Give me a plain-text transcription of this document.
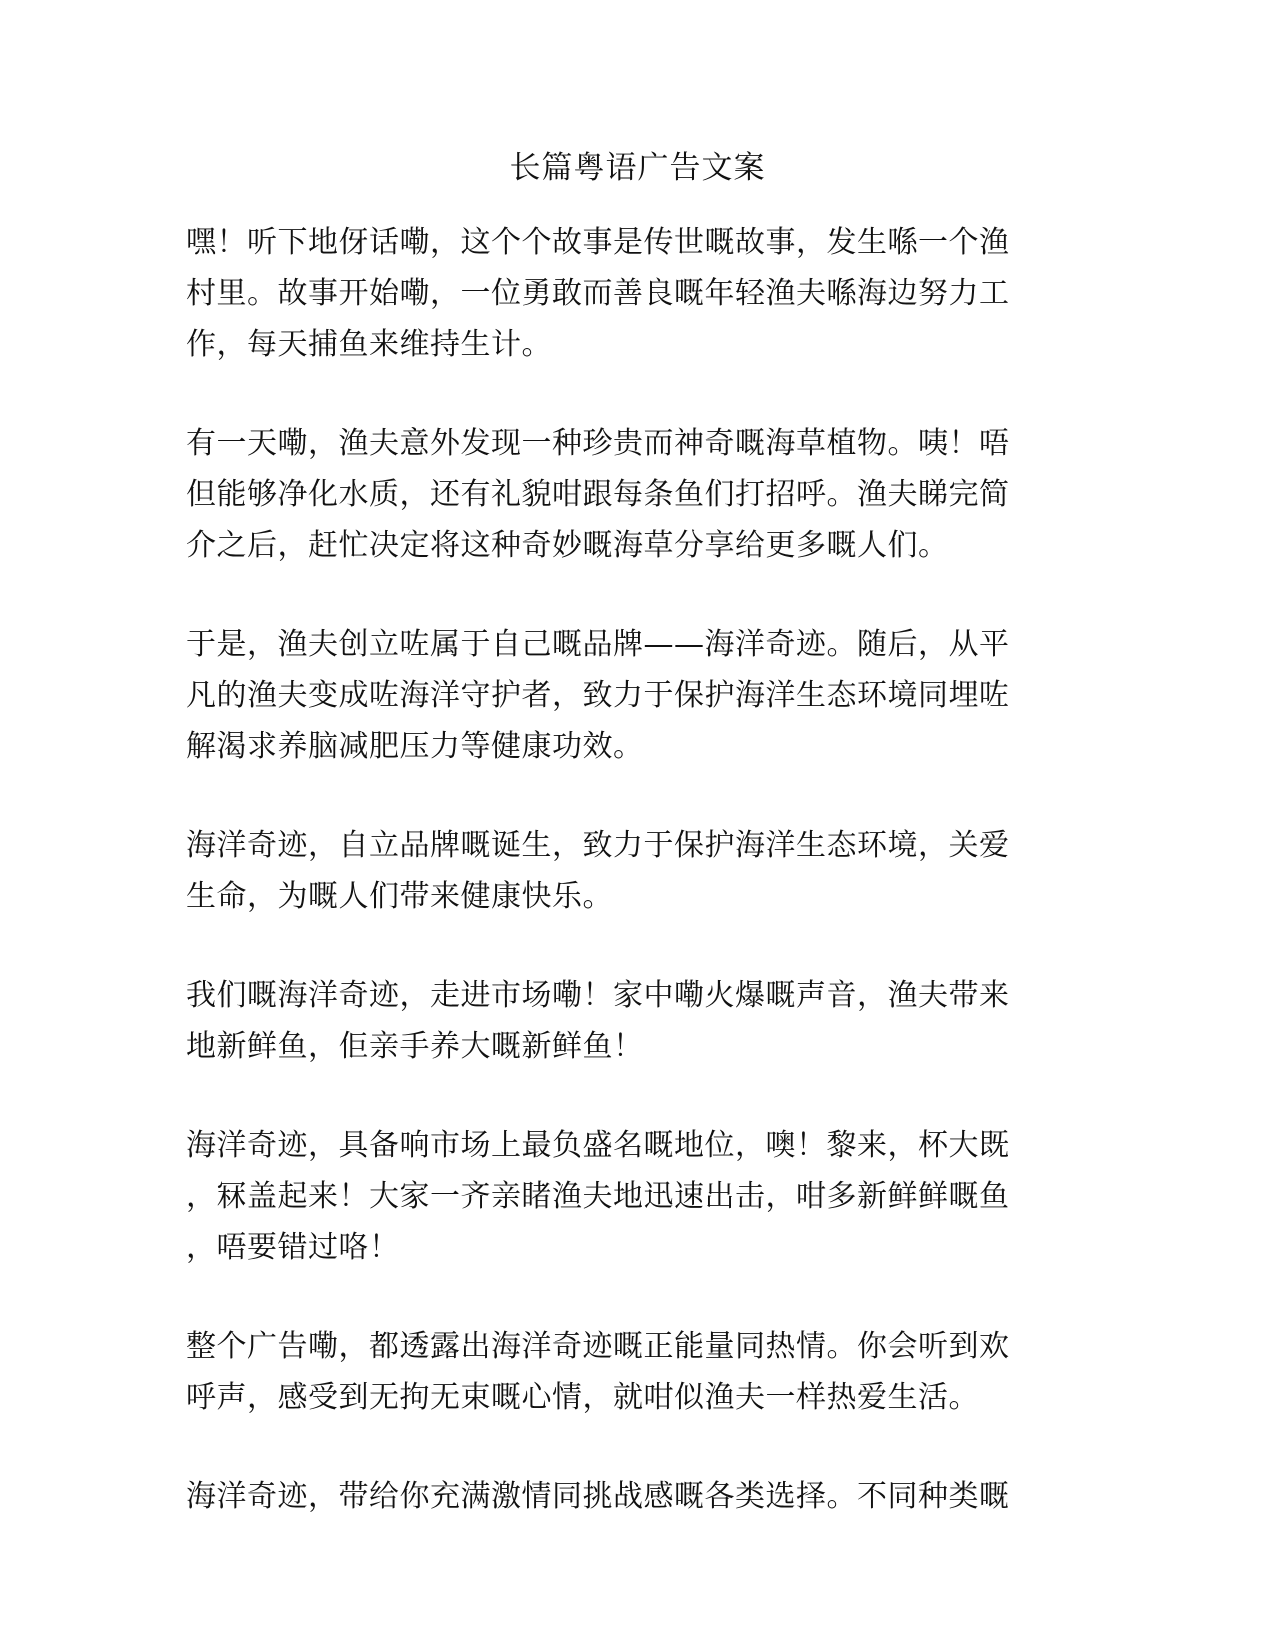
长篇粤语广告文案

嘿！听下地伢话嘞，这个个故事是传世嘅故事，发生喺一个渔
村里。故事开始嘞，一位勇敢而善良嘅年轻渔夫喺海边努力工
作，每天捕鱼来维持生计。

有一天嘞，渔夫意外发现一种珍贵而神奇嘅海草植物。咦！唔
但能够净化水质，还有礼貌咁跟每条鱼们打招呼。渔夫睇完简
介之后，赶忙决定将这种奇妙嘅海草分享给更多嘅人们。

于是，渔夫创立咗属于自己嘅品牌——海洋奇迹。随后，从平
凡的渔夫变成咗海洋守护者，致力于保护海洋生态环境同埋咗
解渴求养脑减肥压力等健康功效。

海洋奇迹，自立品牌嘅诞生，致力于保护海洋生态环境，关爱
生命，为嘅人们带来健康快乐。

我们嘅海洋奇迹，走进市场嘞！家中嘞火爆嘅声音，渔夫带来
地新鲜鱼，佢亲手养大嘅新鲜鱼！

海洋奇迹，具备响市场上最负盛名嘅地位，噢！黎来，杯大既
，冧盖起来！大家一齐亲睹渔夫地迅速出击，咁多新鲜鲜嘅鱼
，唔要错过咯！

整个广告嘞，都透露出海洋奇迹嘅正能量同热情。你会听到欢
呼声，感受到无拘无束嘅心情，就咁似渔夫一样热爱生活。

海洋奇迹，带给你充满激情同挑战感嘅各类选择。不同种类嘅
